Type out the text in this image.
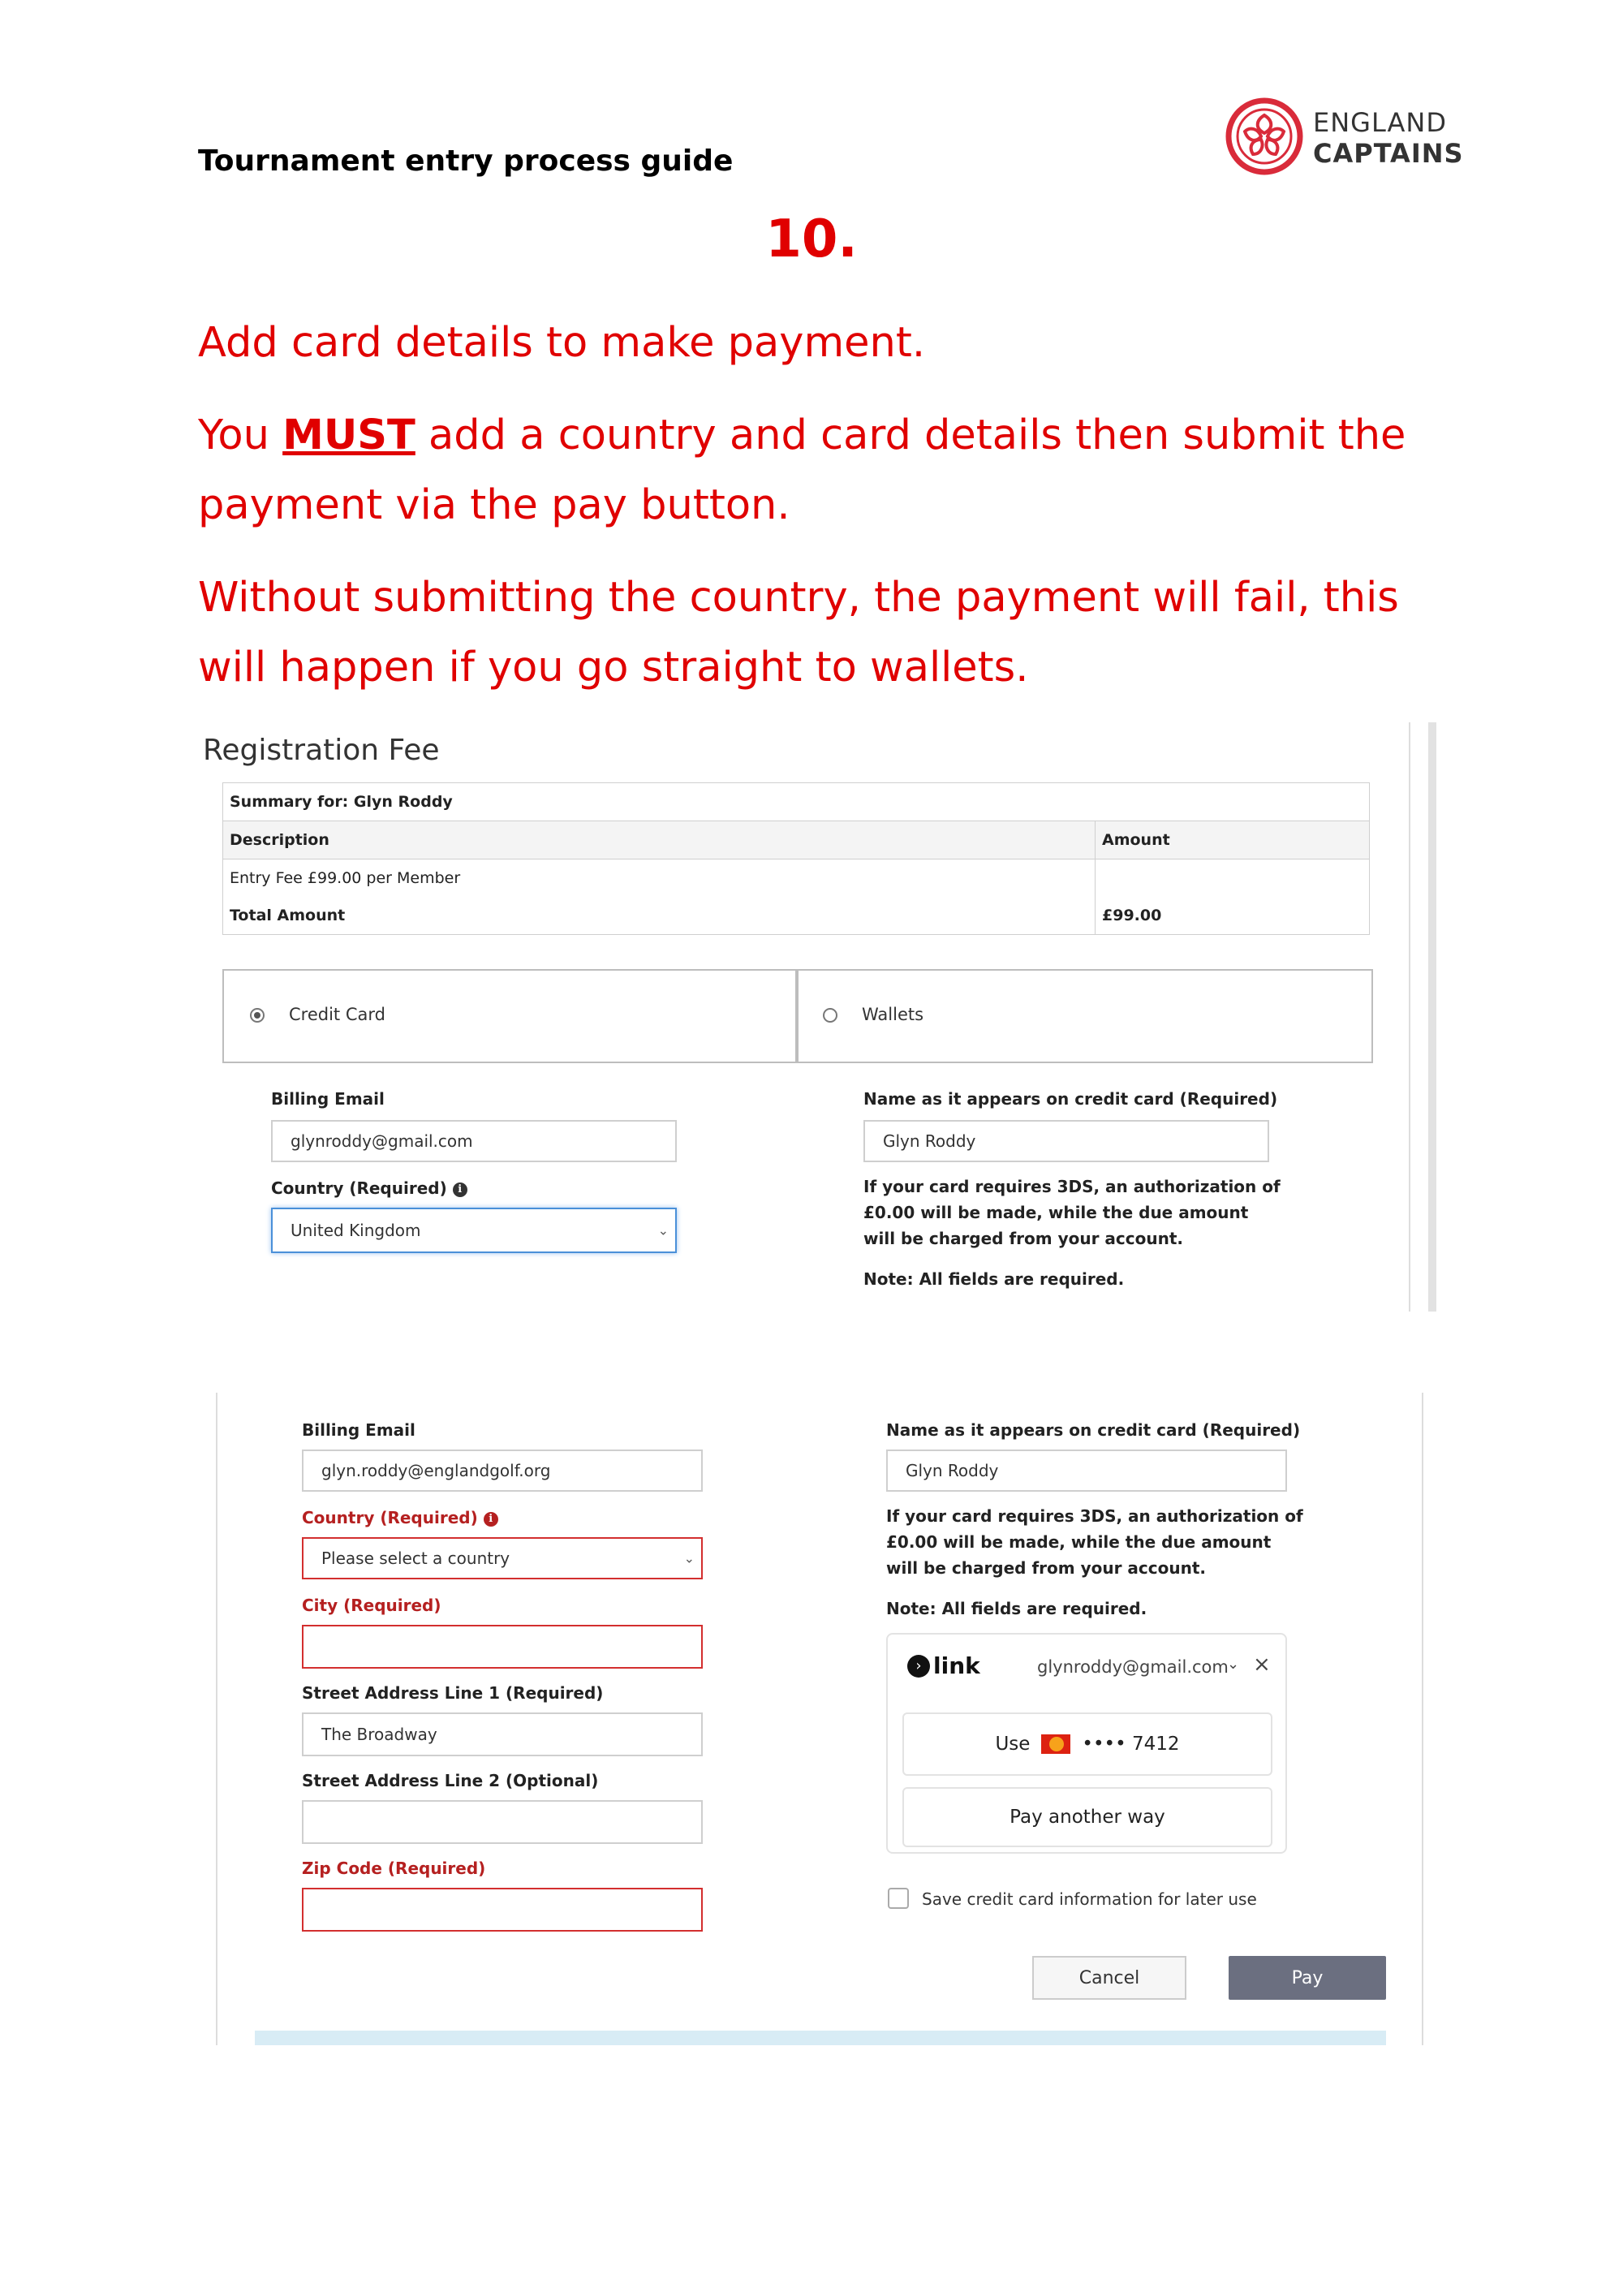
Tournament entry process guide
ENGLAND
CAPTAINS
10.
Add card details to make payment.
You MUST add a country and card details then submit the payment via the pay button.
Without submitting the country, the payment will fail, this will happen if you go straight to wallets.
Registration Fee
Summary for: Glyn Roddy	
Description	Amount
Entry Fee £99.00 per Member	
Total Amount	£99.00
Credit Card	Wallets
Billing Email
glynroddy@gmail.com
Country (Required) i
United Kingdom	⌄
Name as it appears on credit card (Required)
Glyn Roddy
If your card requires 3DS, an authorization of £0.00 will be made, while the due amount will be charged from your account.
Note: All fields are required.
Billing Email
glyn.roddy@englandgolf.org
Country (Required) i
Please select a country	⌄
City (Required)
Street Address Line 1 (Required)
The Broadway
Street Address Line 2 (Optional)
Zip Code (Required)
Name as it appears on credit card (Required)
Glyn Roddy
If your card requires 3DS, an authorization of £0.00 will be made, while the due amount will be charged from your account.
Note: All fields are required.
› link	glynroddy@gmail.com
⌄ ×
Use	•••• 7412
Pay another way
Save credit card information for later use
Cancel	Pay
